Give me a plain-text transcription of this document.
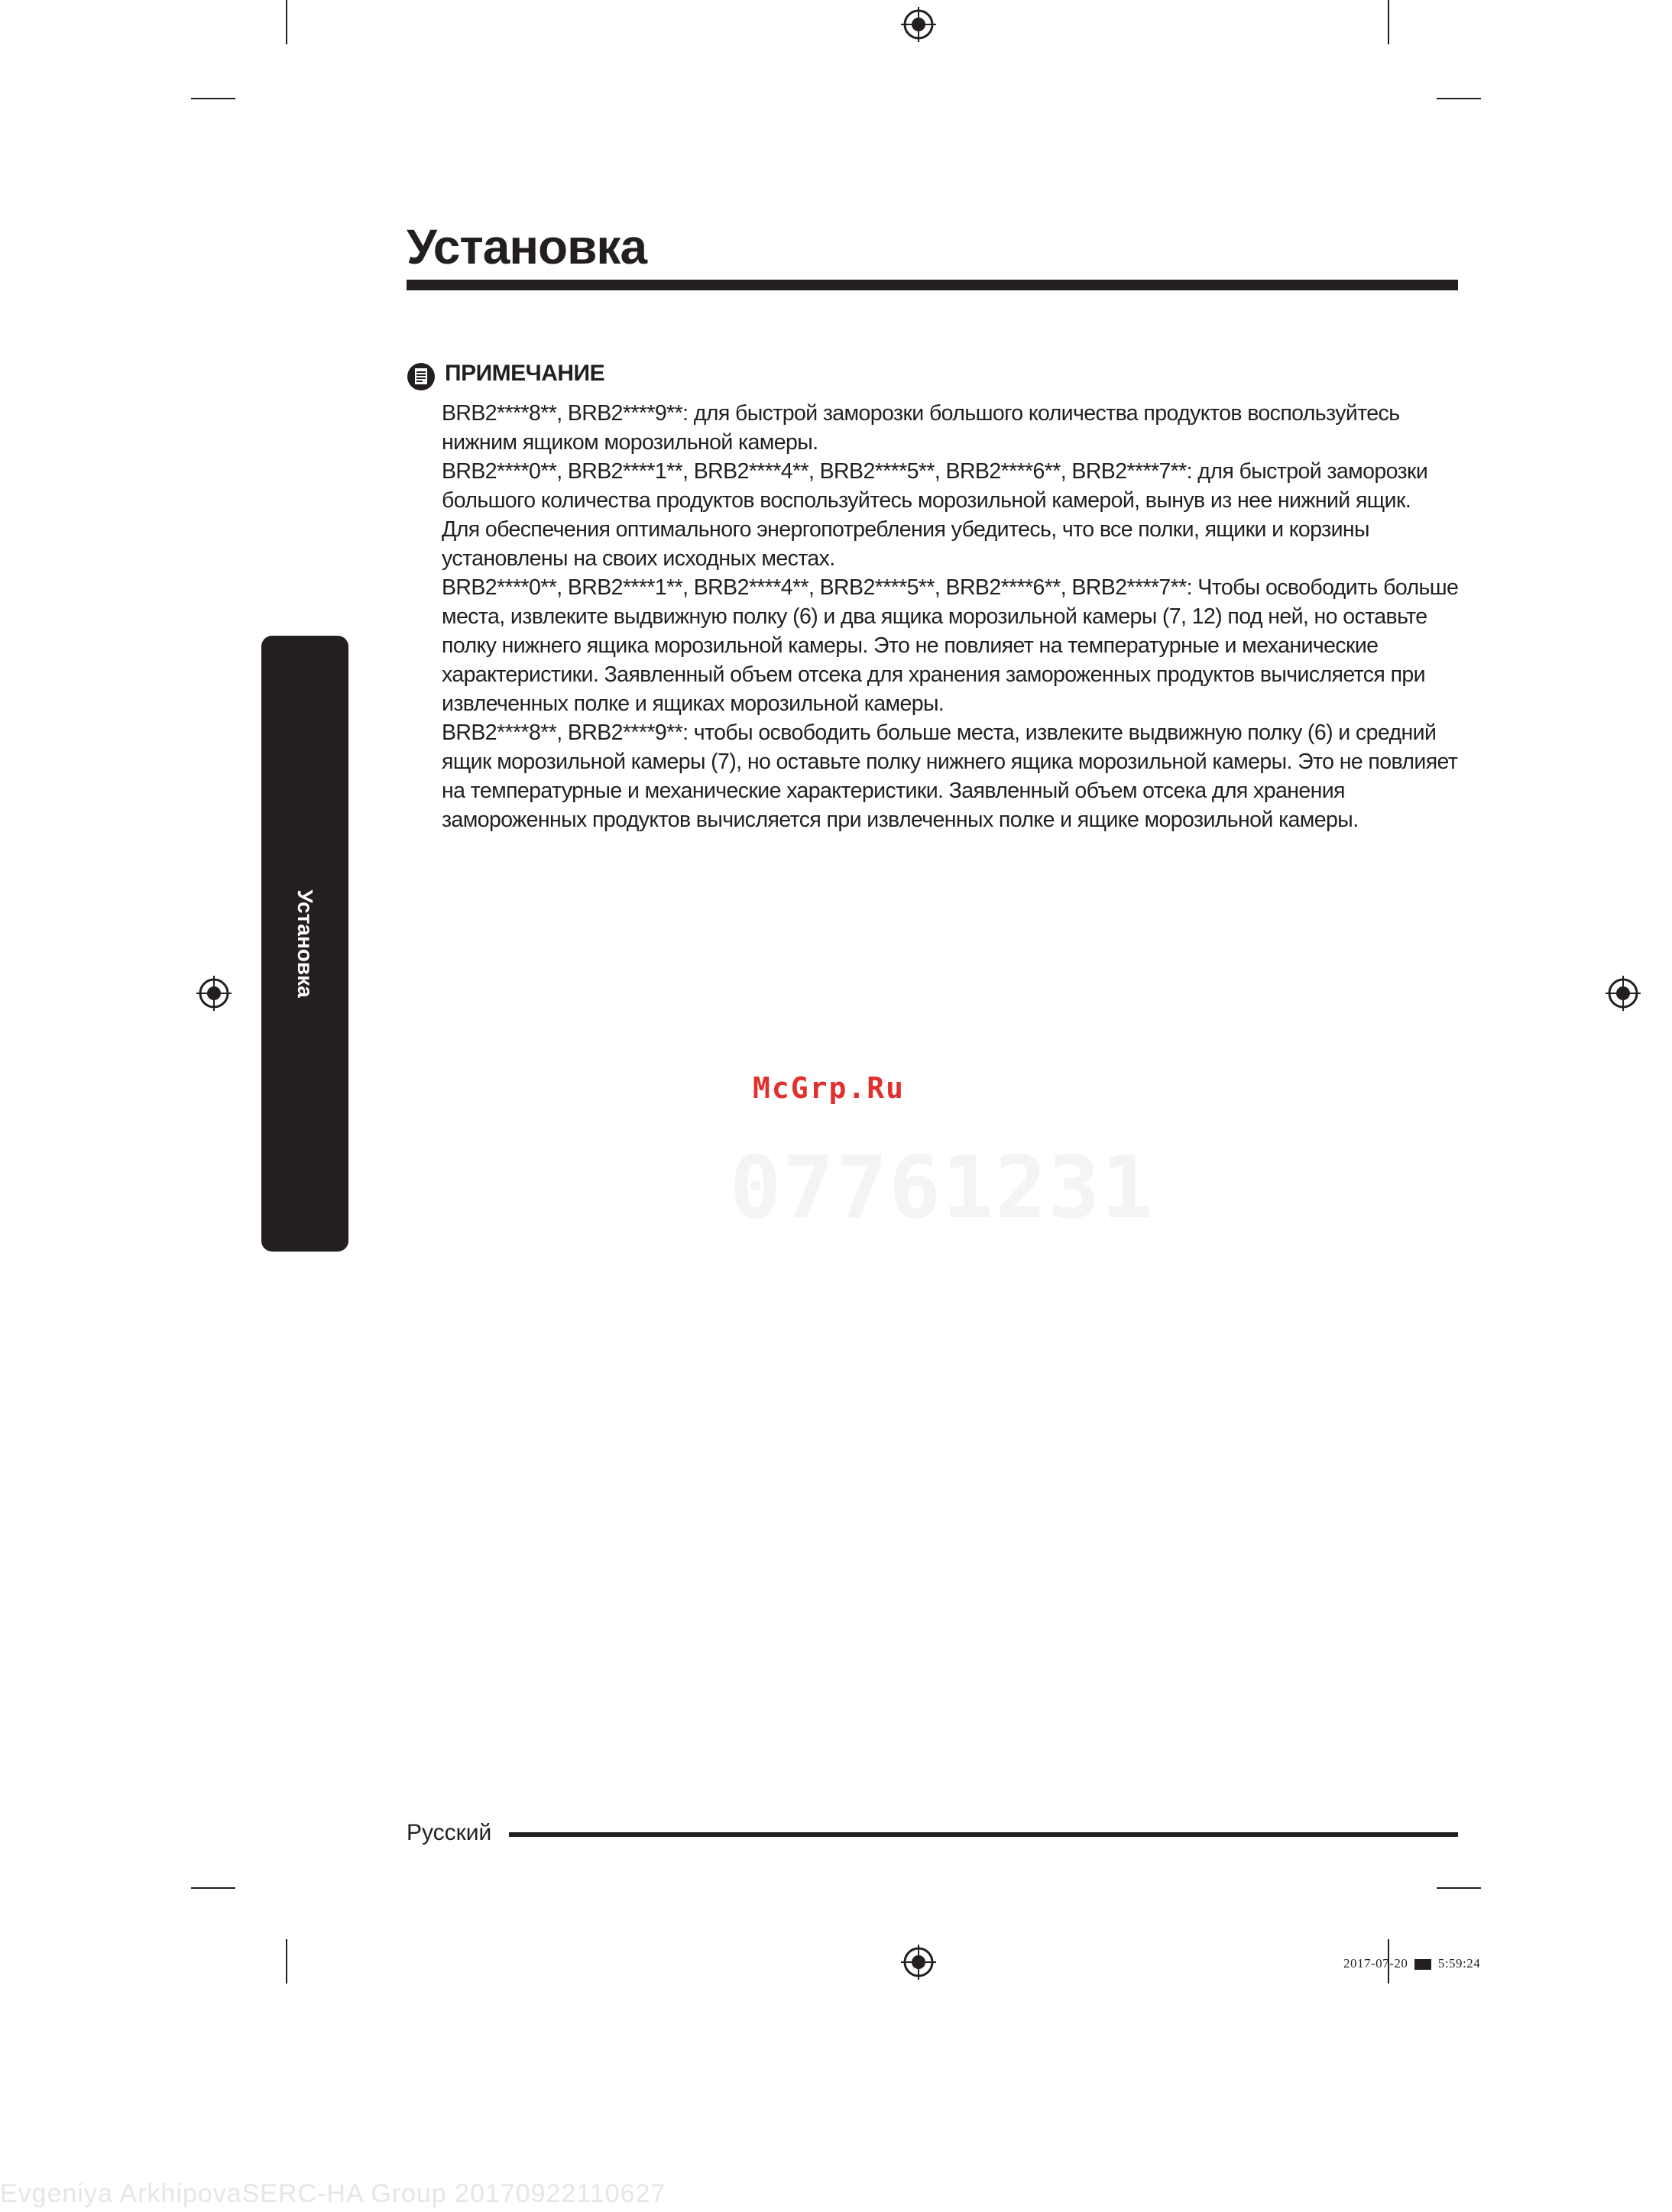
Установка
Установка
ПРИМЕЧАНИЕ

BRB2****8**, BRB2****9**: для быстрой заморозки большого количества продуктов воспользуйтесь нижним ящиком морозильной камеры.

BRB2****0**, BRB2****1**, BRB2****4**, BRB2****5**, BRB2****6**, BRB2****7**: для быстрой заморозки большого количества продуктов воспользуйтесь морозильной камерой, вынув из нее нижний ящик.

Для обеспечения оптимального энергопотребления убедитесь, что все полки, ящики и корзины установлены на своих исходных местах.

BRB2****0**, BRB2****1**, BRB2****4**, BRB2****5**, BRB2****6**, BRB2****7**: Чтобы освободить больше места, извлеките выдвижную полку (6) и два ящика морозильной камеры (7, 12) под ней, но оставьте полку нижнего ящика морозильной камеры. Это не повлияет на температурные и механические характеристики. Заявленный объем отсека для хранения замороженных продуктов вычисляется при извлеченных полке и ящиках морозильной камеры.

BRB2****8**, BRB2****9**: чтобы освободить больше места, извлеките выдвижную полку (6) и средний ящик морозильной камеры (7), но оставьте полку нижнего ящика морозильной камеры. Это не повлияет на температурные и механические характеристики. Заявленный объем отсека для хранения замороженных продуктов вычисляется при извлеченных полке и ящике морозильной камеры.

McGrp.Ru
07761231
Русский
2017-07-20 5:59:24
Evgeniya ArkhipovaSERC-HA Group 20170922110627
